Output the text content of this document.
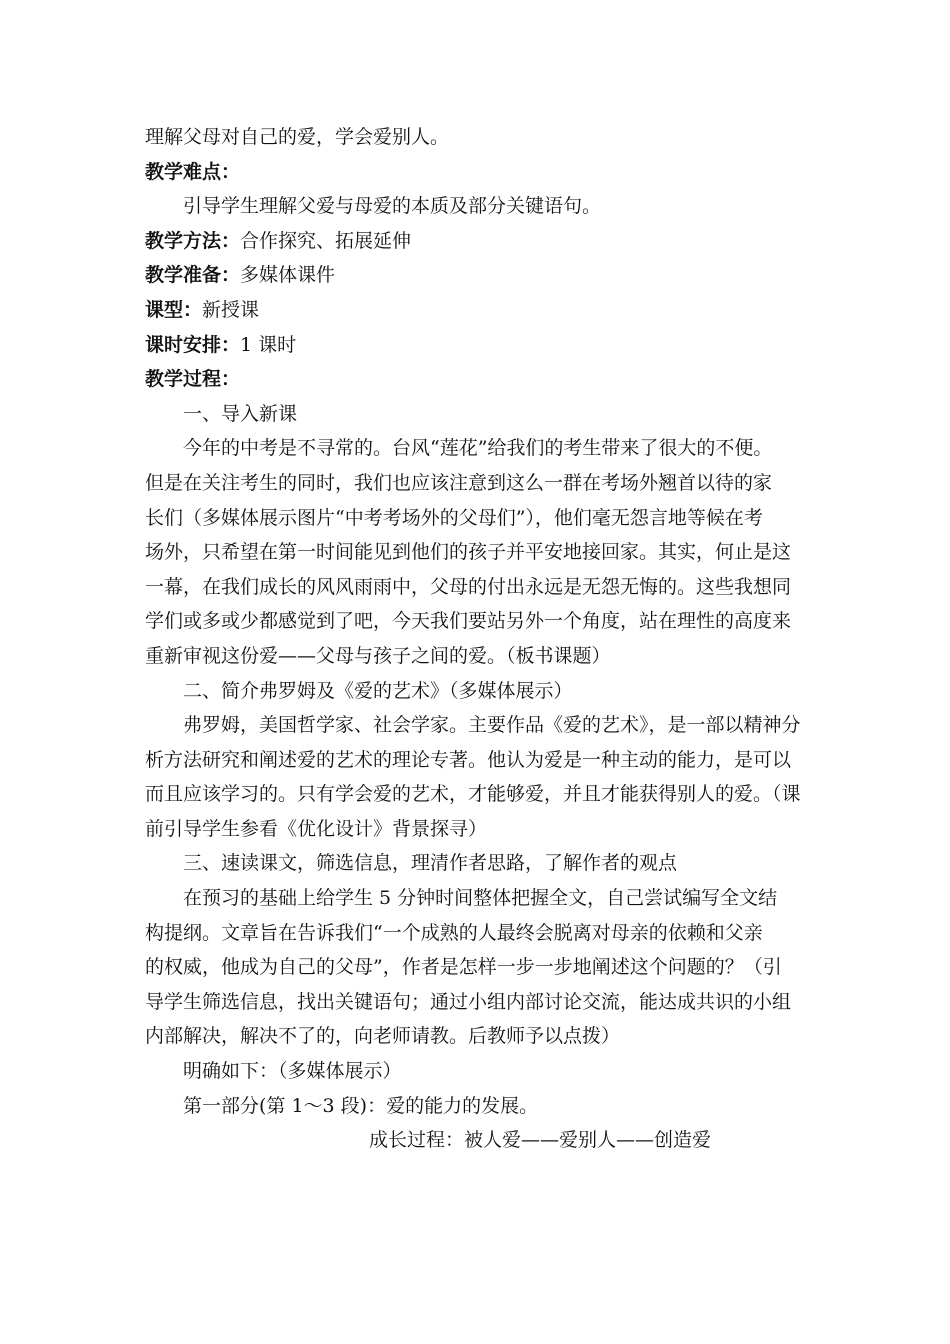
理解父母对自己的爱，学会爱别人。

教学难点：

引导学生理解父爱与母爱的本质及部分关键语句。

教学方法：合作探究、拓展延伸

教学准备：多媒体课件

课型：新授课

课时安排：1 课时

教学过程：

一、导入新课

今年的中考是不寻常的。台风“莲花”给我们的考生带来了很大的不便。

但是在关注考生的同时，我们也应该注意到这么一群在考场外翘首以待的家

长们（多媒体展示图片“中考考场外的父母们”），他们毫无怨言地等候在考

场外，只希望在第一时间能见到他们的孩子并平安地接回家。其实，何止是这

一幕，在我们成长的风风雨雨中，父母的付出永远是无怨无悔的。这些我想同

学们或多或少都感觉到了吧，今天我们要站另外一个角度，站在理性的高度来

重新审视这份爱——父母与孩子之间的爱。（板书课题）

二、简介弗罗姆及《爱的艺术》（多媒体展示）

弗罗姆，美国哲学家、社会学家。主要作品《爱的艺术》，是一部以精神分

析方法研究和阐述爱的艺术的理论专著。他认为爱是一种主动的能力，是可以

而且应该学习的。只有学会爱的艺术，才能够爱，并且才能获得别人的爱。（课

前引导学生参看《优化设计》背景探寻）

三、速读课文，筛选信息，理清作者思路，了解作者的观点

在预习的基础上给学生 5 分钟时间整体把握全文，自己尝试编写全文结

构提纲。文章旨在告诉我们“一个成熟的人最终会脱离对母亲的依赖和父亲

的权威，他成为自己的父母”，作者是怎样一步一步地阐述这个问题的？（引

导学生筛选信息，找出关键语句；通过小组内部讨论交流，能达成共识的小组

内部解决，解决不了的，向老师请教。后教师予以点拨）

明确如下：（多媒体展示）

第一部分(第 1～3 段)：爱的能力的发展。

成长过程：被人爱——爱别人——创造爱
